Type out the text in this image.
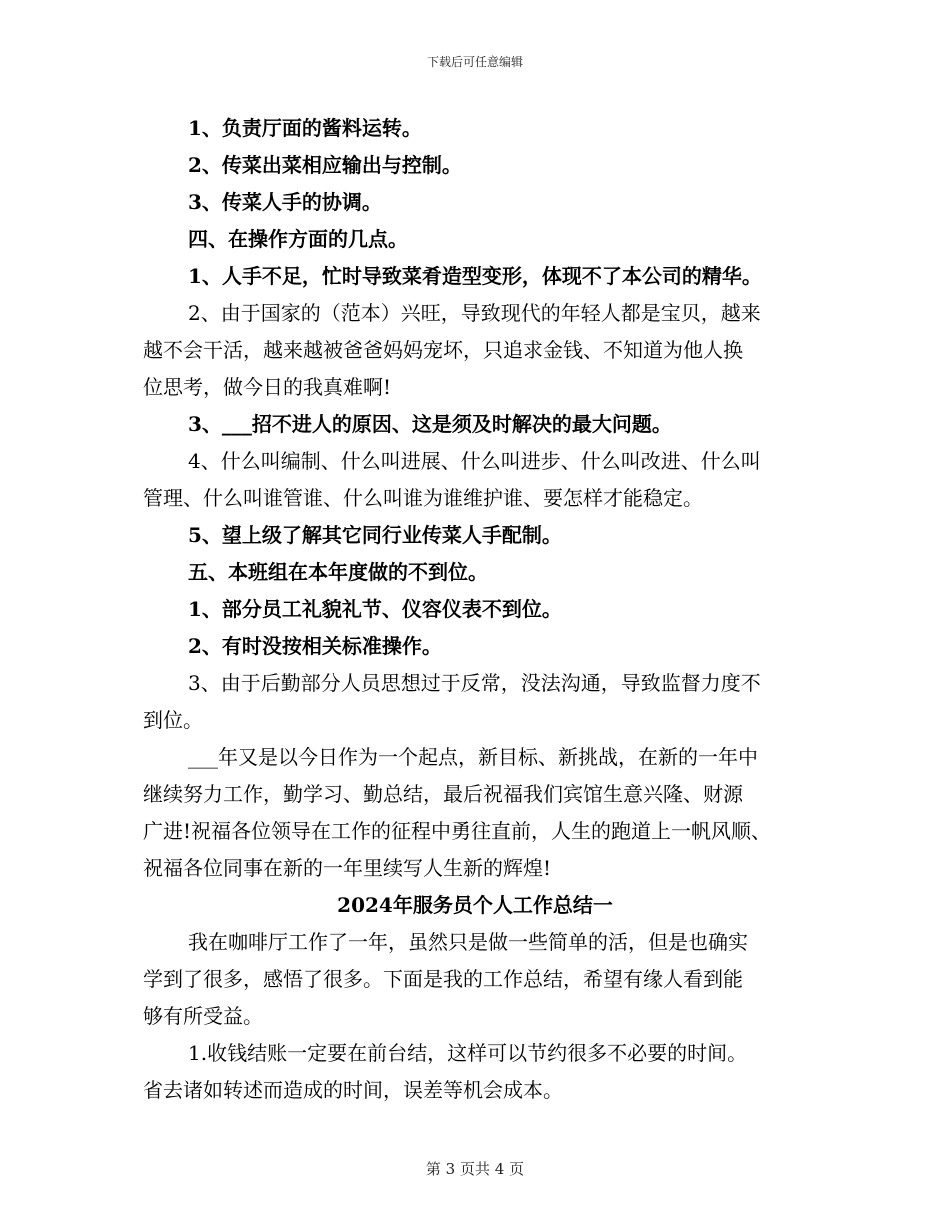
下载后可任意编辑
1、负责厅面的酱料运转。
2、传菜出菜相应输出与控制。
3、传菜人手的协调。
四、在操作方面的几点。
1、人手不足，忙时导致菜肴造型变形，体现不了本公司的精华。
2、由于国家的（范本）兴旺，导致现代的年轻人都是宝贝，越来
越不会干活，越来越被爸爸妈妈宠坏，只追求金钱、不知道为他人换
位思考，做今日的我真难啊!
3、___招不进人的原因、这是须及时解决的最大问题。
4、什么叫编制、什么叫进展、什么叫进步、什么叫改进、什么叫
管理、什么叫谁管谁、什么叫谁为谁维护谁、要怎样才能稳定。
5、望上级了解其它同行业传菜人手配制。
五、本班组在本年度做的不到位。
1、部分员工礼貌礼节、仪容仪表不到位。
2、有时没按相关标准操作。
3、由于后勤部分人员思想过于反常，没法沟通，导致监督力度不
到位。
___年又是以今日作为一个起点，新目标、新挑战，在新的一年中
继续努力工作，勤学习、勤总结，最后祝福我们宾馆生意兴隆、财源
广进!祝福各位领导在工作的征程中勇往直前，人生的跑道上一帆风顺、
祝福各位同事在新的一年里续写人生新的辉煌!
2024年服务员个人工作总结一
我在咖啡厅工作了一年，虽然只是做一些简单的活，但是也确实
学到了很多，感悟了很多。下面是我的工作总结，希望有缘人看到能
够有所受益。
1.收钱结账一定要在前台结，这样可以节约很多不必要的时间。
省去诸如转述而造成的时间，误差等机会成本。
第 3 页共 4 页
